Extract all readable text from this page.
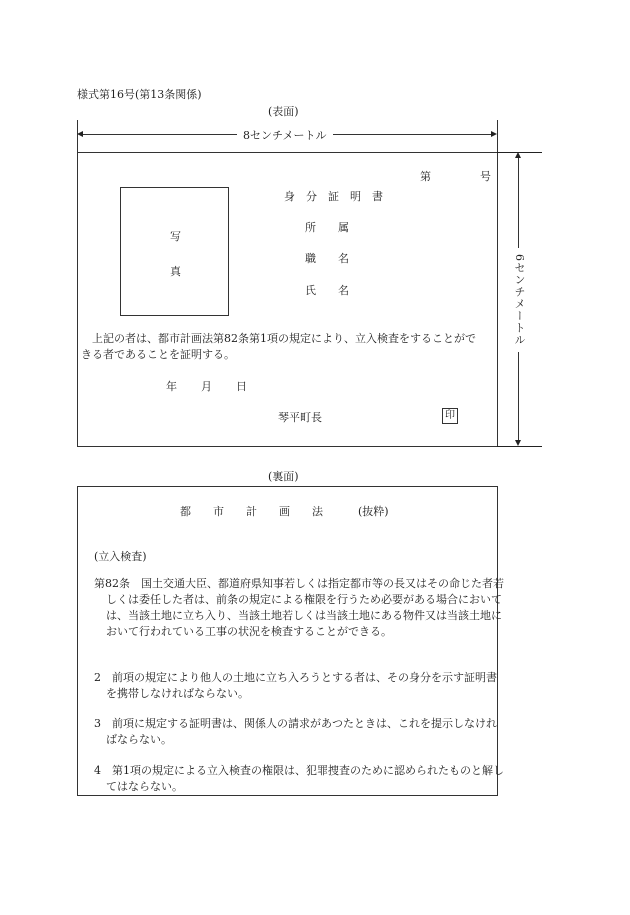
様式第16号(第13条関係)
(表面)
8センチメートル
6センチメートル
第	号
写
真
身　分　証　明　書
所　　属
職　　名
氏　　名
上記の者は、都市計画法第82条第1項の規定により、立入検査をすることができる者であることを証明する。
年 月 日
琴平町長	印
(裏面)
都　　市　　計　　画　　法	(抜粋)
(立入検査)
第82条　国土交通大臣、都道府県知事若しくは指定都市等の長又はその命じた者若しくは委任した者は、前条の規定による権限を行うため必要がある場合においては、当該土地に立ち入り、当該土地若しくは当該土地にある物件又は当該土地において行われている工事の状況を検査することができる。
2　前項の規定により他人の土地に立ち入ろうとする者は、その身分を示す証明書を携帯しなければならない。
3　前項に規定する証明書は、関係人の請求があつたときは、これを提示しなければならない。
4　第1項の規定による立入検査の権限は、犯罪捜査のために認められたものと解してはならない。
